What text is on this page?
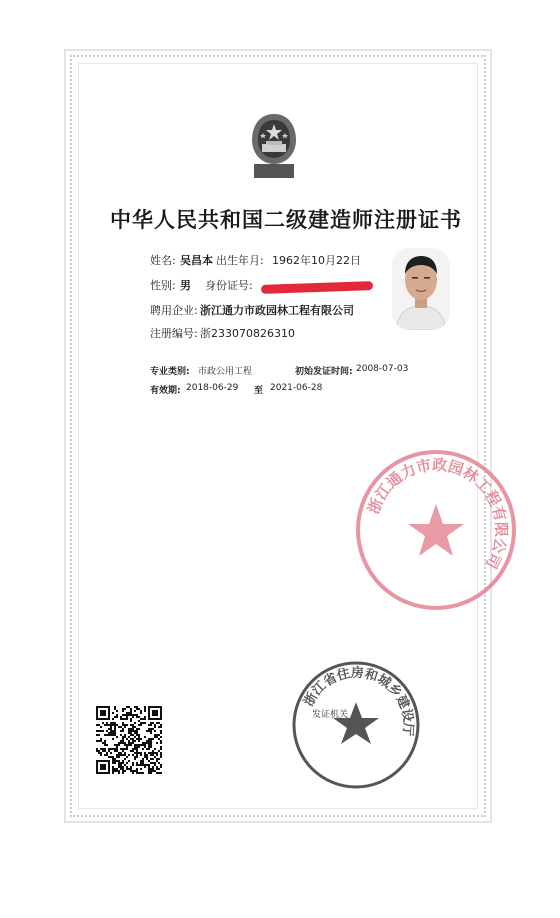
中华人民共和国二级建造师注册证书
姓名: 吴昌本 出生年月: 1962年10月22日
性别: 男 身份证号:
聘用企业: 浙江通力市政园林工程有限公司
注册编号: 浙233070826310
专业类别: 市政公用工程	初始发证时间: 2008-07-03
有效期: 2018-06-29 至 2021-06-28
浙江通力市政园林工程有限公司
浙江省住房和城乡建设厅
发证机关
